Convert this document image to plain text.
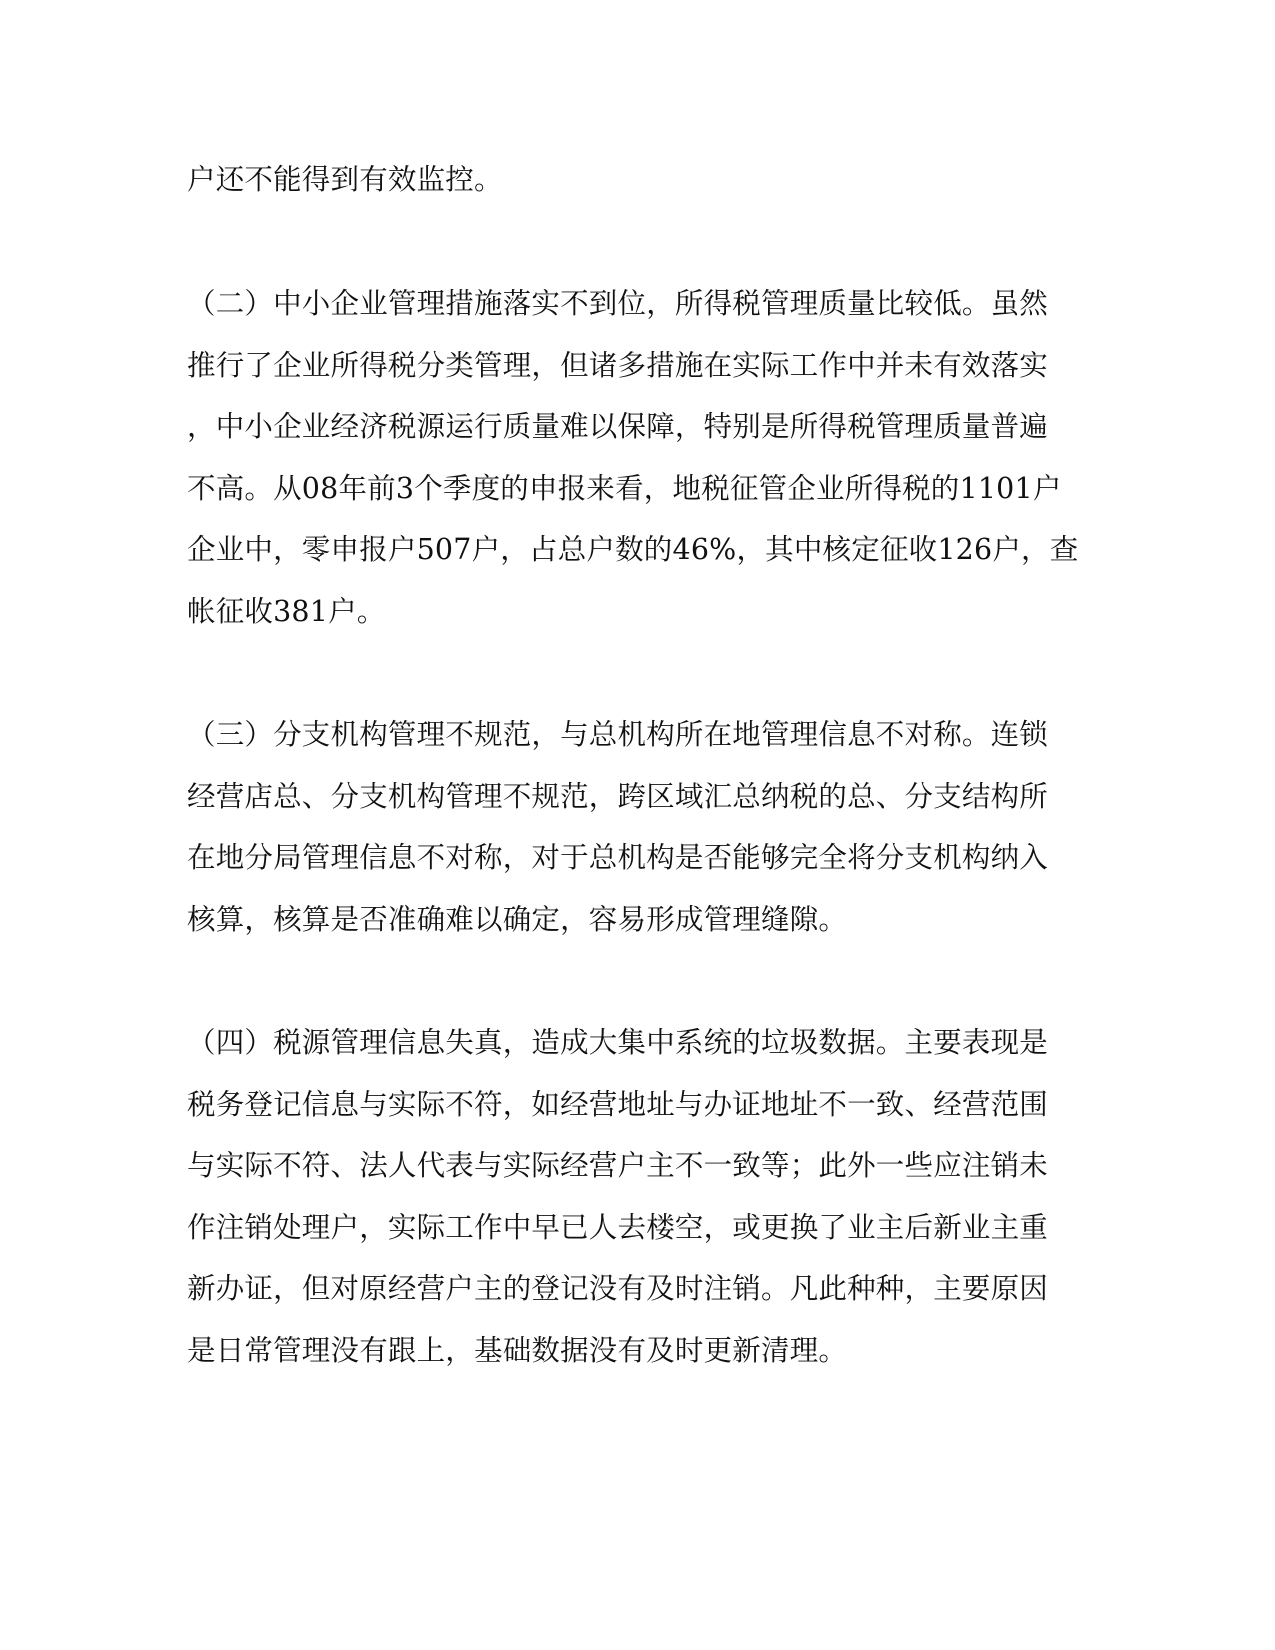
户还不能得到有效监控。

（二）中小企业管理措施落实不到位，所得税管理质量比较低。虽然

推行了企业所得税分类管理，但诸多措施在实际工作中并未有效落实

，中小企业经济税源运行质量难以保障，特别是所得税管理质量普遍

不高。从08年前3个季度的申报来看，地税征管企业所得税的1101户

企业中，零申报户507户，占总户数的46%，其中核定征收126户，查

帐征收381户。

（三）分支机构管理不规范，与总机构所在地管理信息不对称。连锁

经营店总、分支机构管理不规范，跨区域汇总纳税的总、分支结构所

在地分局管理信息不对称，对于总机构是否能够完全将分支机构纳入

核算，核算是否准确难以确定，容易形成管理缝隙。

（四）税源管理信息失真，造成大集中系统的垃圾数据。主要表现是

税务登记信息与实际不符，如经营地址与办证地址不一致、经营范围

与实际不符、法人代表与实际经营户主不一致等；此外一些应注销未

作注销处理户，实际工作中早已人去楼空，或更换了业主后新业主重

新办证，但对原经营户主的登记没有及时注销。凡此种种，主要原因

是日常管理没有跟上，基础数据没有及时更新清理。
